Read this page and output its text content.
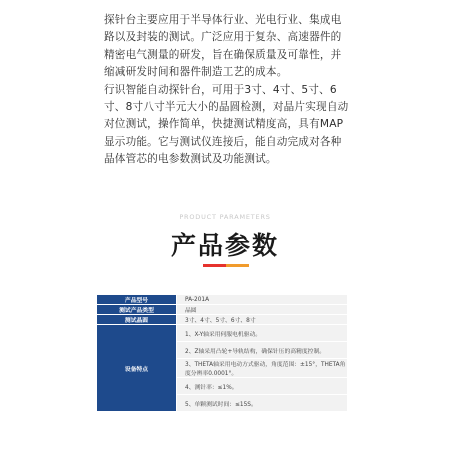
探针台主要应用于半导体行业、光电行业、集成电路以及封装的测试。广泛应用于复杂、高速器件的精密电气测量的研发，旨在确保质量及可靠性，并缩减研发时间和器件制造工艺的成本。

行识智能自动探针台，可用于3寸、4寸、5寸、6寸、8寸八寸半元大小的晶圆检测，对晶片实现自动对位测试，操作简单，快捷测试精度高，具有MAP显示功能。它与测试仪连接后，能自动完成对各种晶体管芯的电参数测试及功能测试。

PRODUCT PARAMETERS
产品参数
产品型号	PA-201A
测试产品类型	晶圆
测试晶圆	3寸、4寸、5寸、6寸、8寸
设备特点	1、X-Y轴采用伺服电机驱动。
	2、Z轴采用凸轮+导轨结构，确保针压的高精度控制。
	3、THETA轴采用电动方式驱动，角度范围：±15°，THETA角度分辨率0.0001°。
	4、测针率：≤1%。
	5、单颗测试时间：≤15S。
